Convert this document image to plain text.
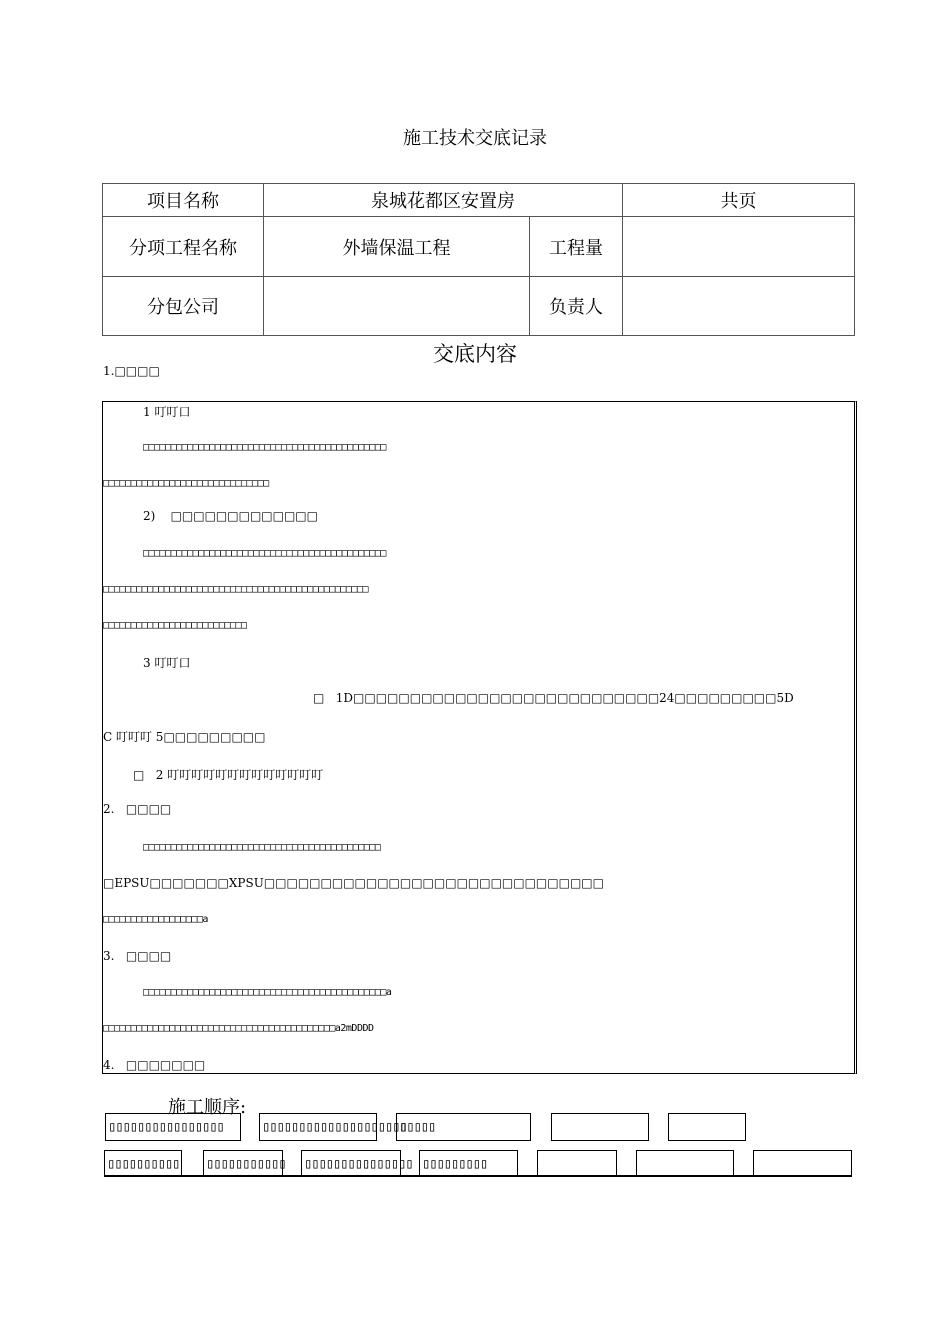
施工技术交底记录
项目名称	泉城花都区安置房		共页
分项工程名称	外墙保温工程	工程量	
分包公司		负责人	
交底内容
1.□□□□
1 叮叮口
□□□□□□□□□□□□□□□□□□□□□□□□□□□□□□□□□□□□□□□□□□□□
□□□□□□□□□□□□□□□□□□□□□□□□□□□□□□
2)    □□□□□□□□□□□□□
□□□□□□□□□□□□□□□□□□□□□□□□□□□□□□□□□□□□□□□□□□□□
□□□□□□□□□□□□□□□□□□□□□□□□□□□□□□□□□□□□□□□□□□□□□□□□
□□□□□□□□□□□□□□□□□□□□□□□□□□
3 叮叮口
□   1D□□□□□□□□□□□□□□□□□□□□□□□□□□□24□□□□□□□□□5D
C 叮叮叮 5□□□□□□□□□
□   2 叮叮叮叮叮叮叮叮叮叮叮叮叮
2.   □□□□
□□□□□□□□□□□□□□□□□□□□□□□□□□□□□□□□□□□□□□□□□□□
□EPSU□□□□□□□XPSU□□□□□□□□□□□□□□□□□□□□□□□□□□□□□□
□□□□□□□□□□□□□□□□□□a
3.   □□□□
□□□□□□□□□□□□□□□□□□□□□□□□□□□□□□□□□□□□□□□□□□□□a
□□□□□□□□□□□□□□□□□□□□□□□□□□□□□□□□□□□□□□□□□□a2mDDDD
4.   □□□□□□□
施工顺序:
▯▯▯▯▯▯▯▯▯▯▯▯▯▯▯▯	▯▯▯▯▯▯▯▯▯▯▯▯▯▯▯▯▯▯▯▯
▯▯▯▯▯
▯▯▯▯▯▯▯▯▯▯ ▯▯▯▯▯▯▯▯▯▯▯ ▯▯▯▯▯▯▯▯▯▯▯▯▯▯▯ ▯▯▯▯▯▯▯▯▯
